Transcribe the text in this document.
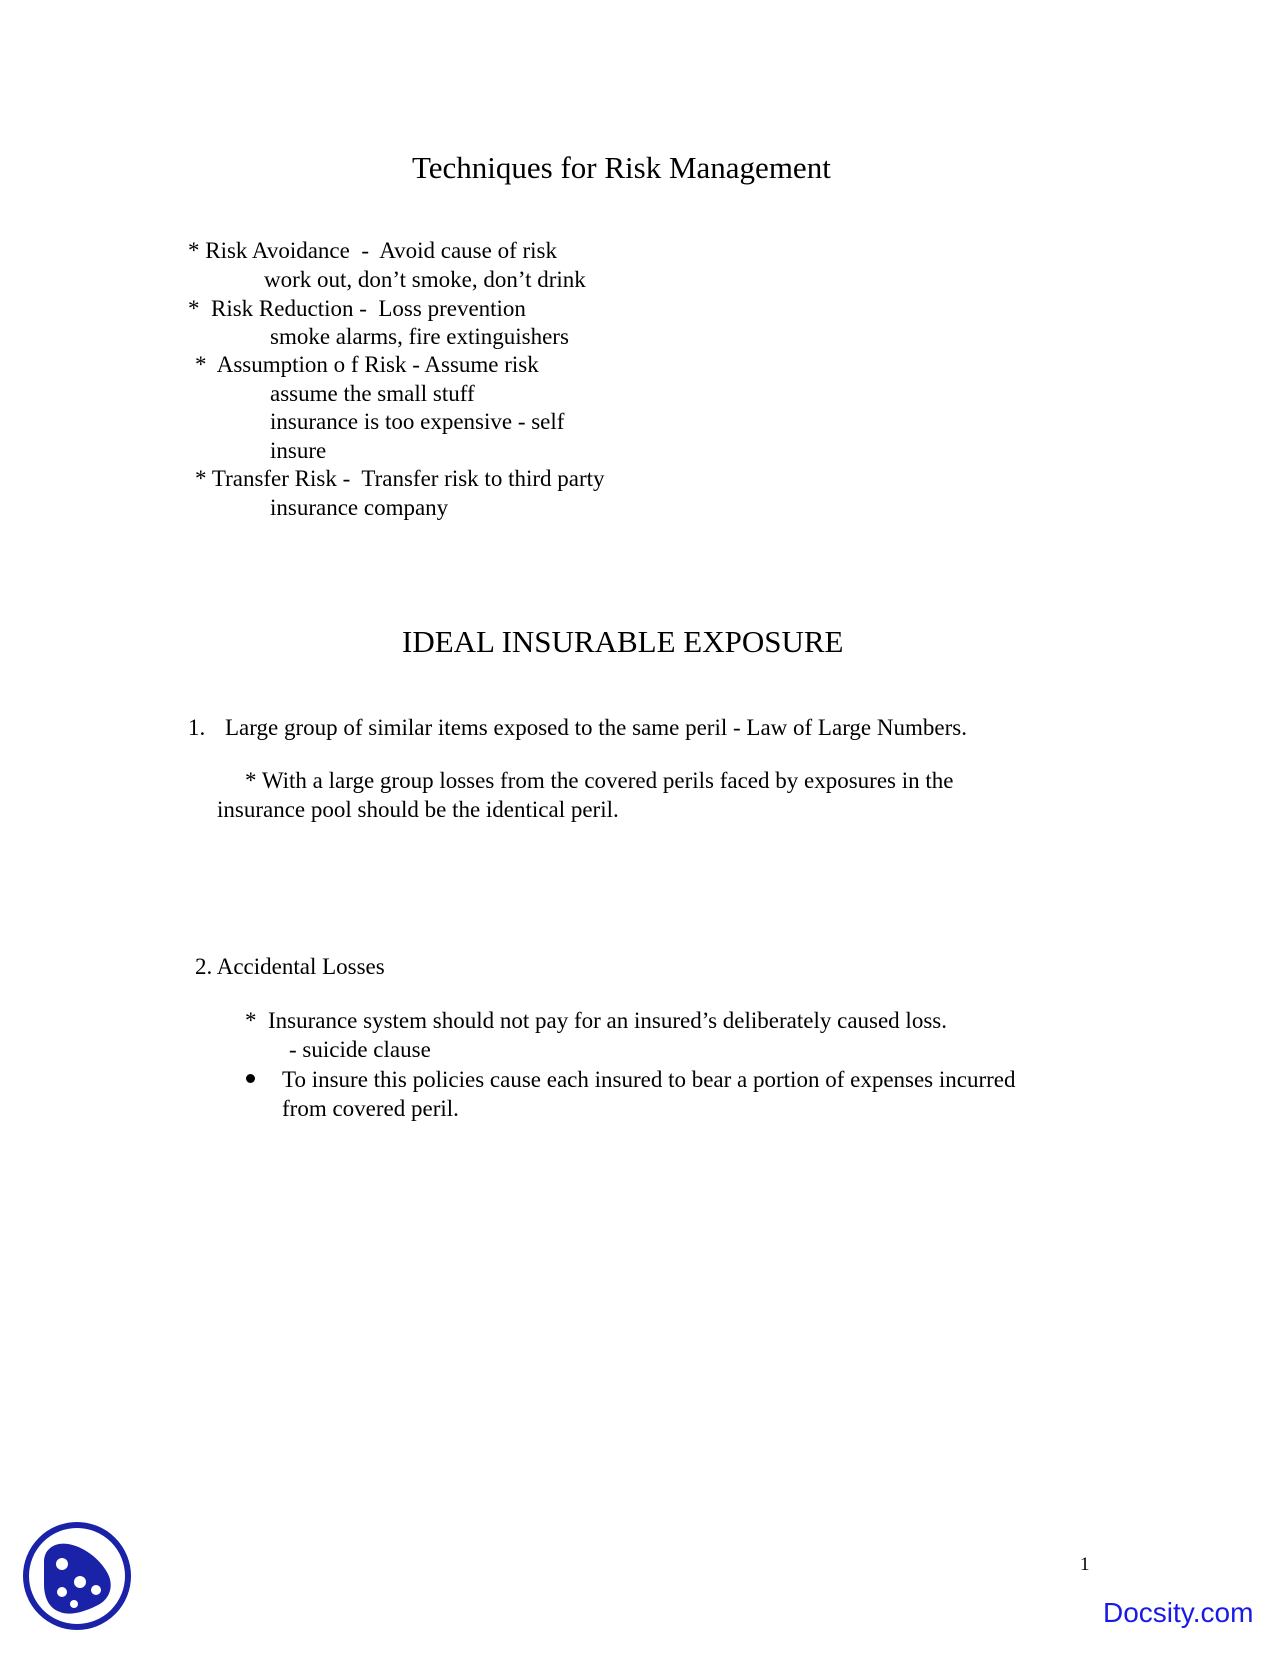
Techniques for Risk Management
* Risk Avoidance  -  Avoid cause of risk
work out, don’t smoke, don’t drink
*  Risk Reduction -  Loss prevention
smoke alarms, fire extinguishers
*  Assumption o f Risk - Assume risk
assume the small stuff
insurance is too expensive - self
insure
* Transfer Risk -  Transfer risk to third party
insurance company
IDEAL INSURABLE EXPOSURE
1. Large group of similar items exposed to the same peril - Law of Large Numbers.
* With a large group losses from the covered perils faced by exposures in the
insurance pool should be the identical peril.
2. Accidental Losses
*  Insurance system should not pay for an insured’s deliberately caused loss.
- suicide clause
To insure this policies cause each insured to bear a portion of expenses incurred
from covered peril.
1
Docsity.com
